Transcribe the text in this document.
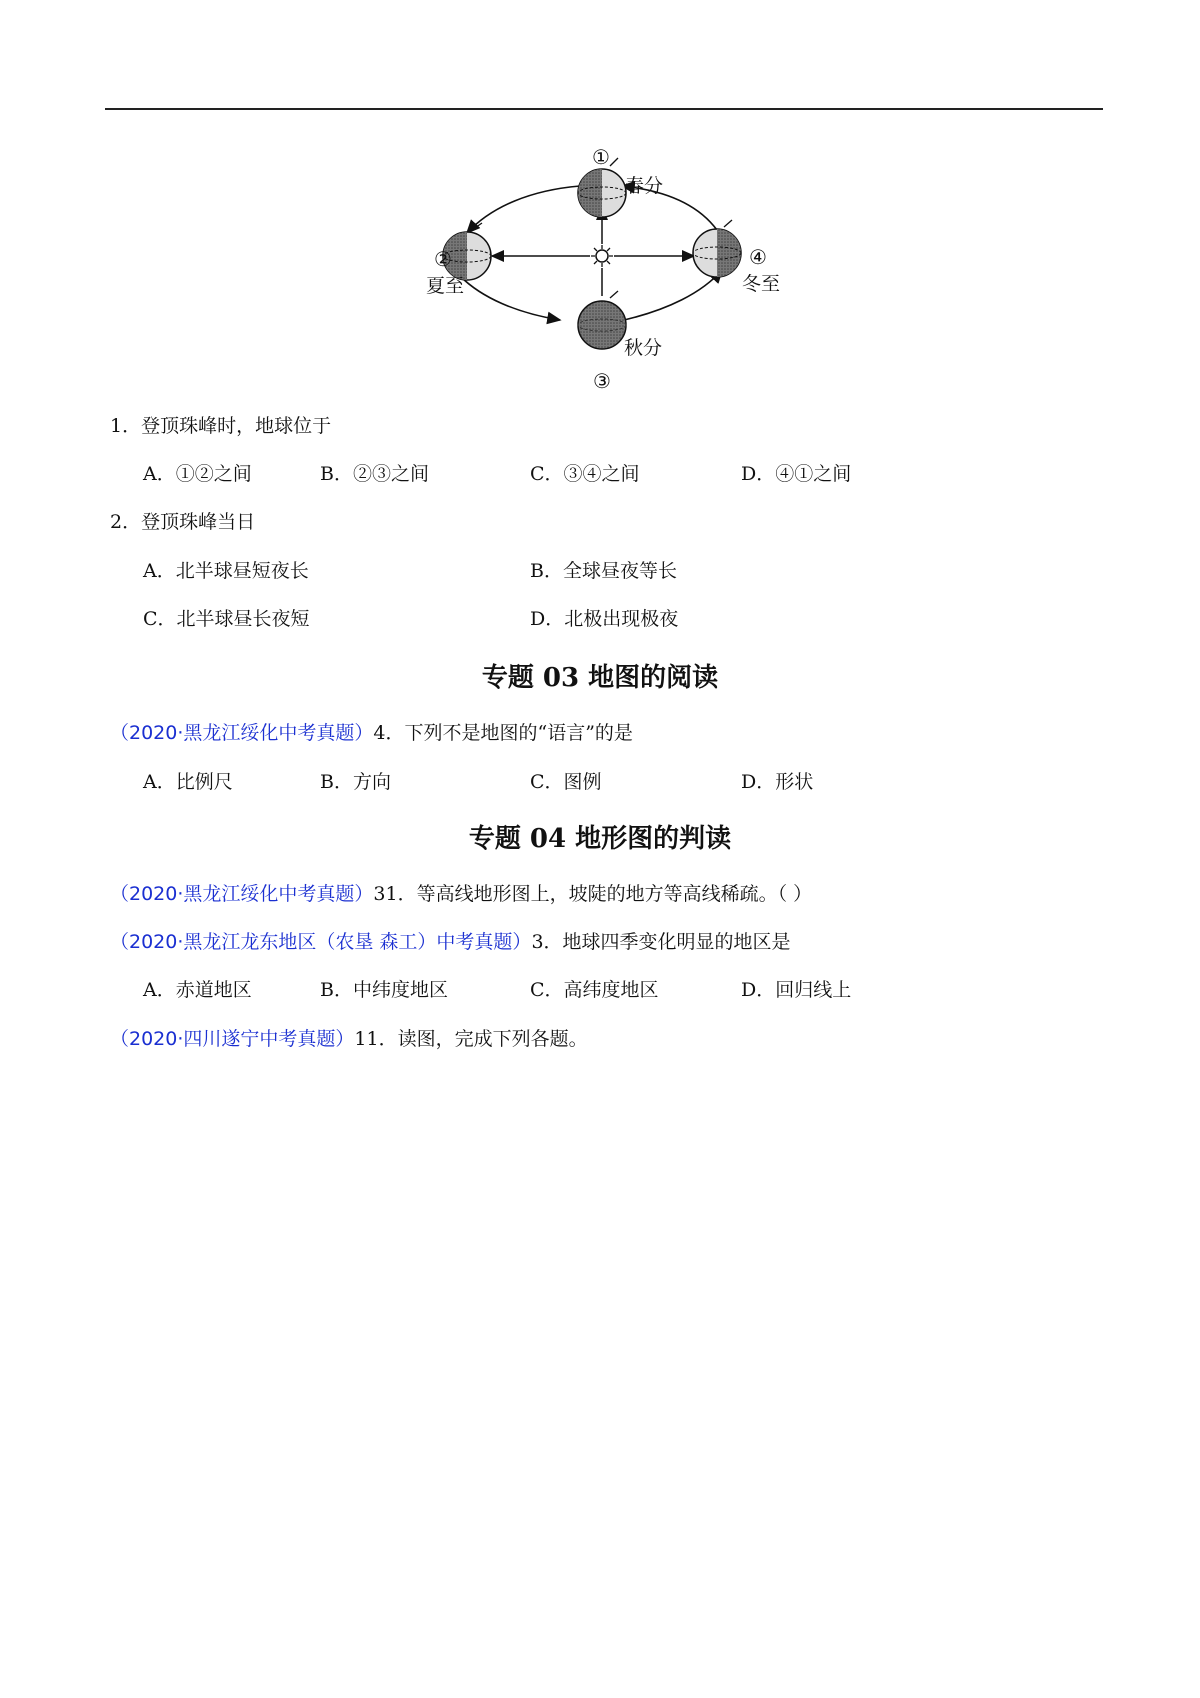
①
春分
②
夏至
④
冬至
秋分
③
1．登顶珠峰时，地球位于
A．①②之间	B．②③之间	C．③④之间	D．④①之间
2．登顶珠峰当日
A．北半球昼短夜长	B．全球昼夜等长
C．北半球昼长夜短	D．北极出现极夜
专题 03 地图的阅读
（2020·黑龙江绥化中考真题）4．下列不是地图的“语言”的是
A．比例尺	B．方向	C．图例	D．形状
专题 04 地形图的判读
（2020·黑龙江绥化中考真题）31．等高线地形图上，坡陡的地方等高线稀疏。（ ）
（2020·黑龙江龙东地区（农垦 森工）中考真题）3．地球四季变化明显的地区是
A．赤道地区	B．中纬度地区	C．高纬度地区	D．回归线上
（2020·四川遂宁中考真题）11．读图，完成下列各题。
